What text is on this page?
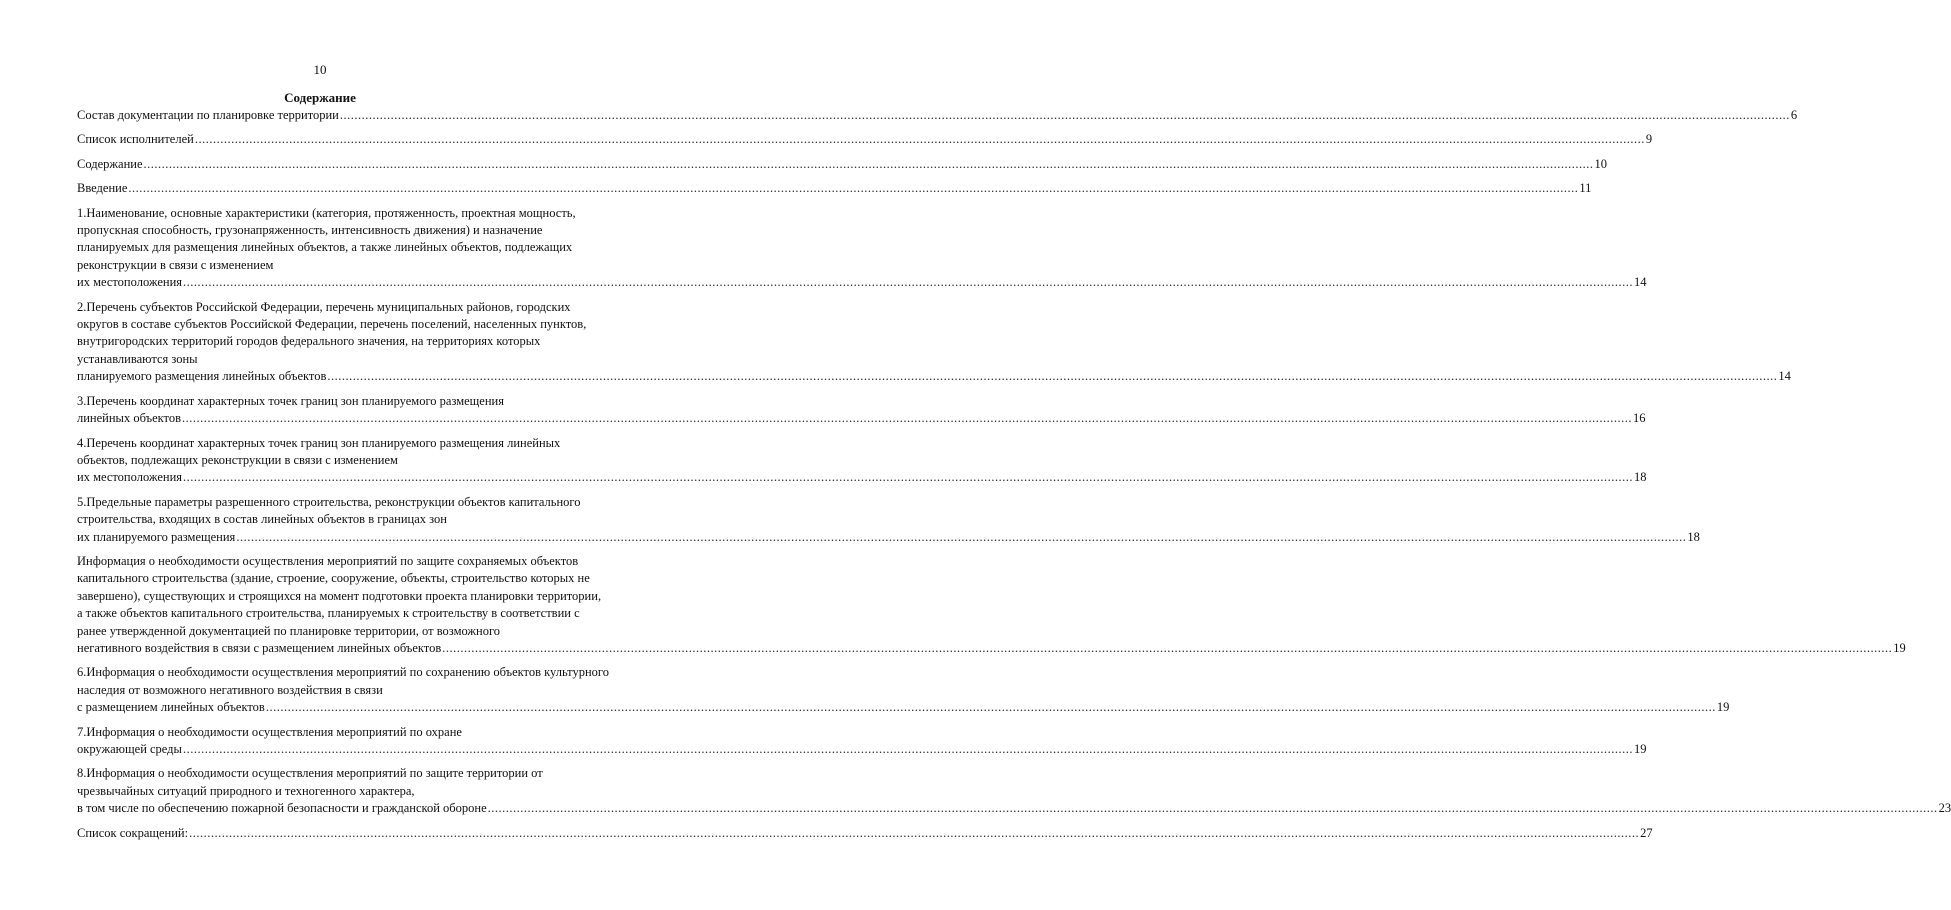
10
Содержание
Состав документации по планировке территории ................................................................................................................................................................................................................................................................................................................................................................................................................ 6
Список исполнителей ................................................................................................................................................................................................................................................................................................................................................................................................................ 9
Содержание ................................................................................................................................................................................................................................................................................................................................................................................................................ 10
Введение ................................................................................................................................................................................................................................................................................................................................................................................................................ 11
1.Наименование, основные характеристики (категория, протяженность, проектная мощность, пропускная способность, грузонапряженность, интенсивность движения) и назначение планируемых для размещения линейных объектов, а также линейных объектов, подлежащих реконструкции в связи с изменением
их местоположения ................................................................................................................................................................................................................................................................................................................................................................................................................ 14
2.Перечень субъектов Российской Федерации, перечень муниципальных районов, городских округов в составе субъектов Российской Федерации, перечень поселений, населенных пунктов, внутригородских территорий городов федерального значения, на территориях которых устанавливаются зоны
планируемого размещения линейных объектов ................................................................................................................................................................................................................................................................................................................................................................................................................ 14
3.Перечень координат характерных точек границ зон планируемого размещения
линейных объектов ................................................................................................................................................................................................................................................................................................................................................................................................................ 16
4.Перечень координат характерных точек границ зон планируемого размещения линейных объектов, подлежащих реконструкции в связи с изменением
их местоположения ................................................................................................................................................................................................................................................................................................................................................................................................................ 18
5.Предельные параметры разрешенного строительства, реконструкции объектов капитального строительства, входящих в состав линейных объектов в границах зон
их планируемого размещения ................................................................................................................................................................................................................................................................................................................................................................................................................ 18
Информация о необходимости осуществления мероприятий по защите сохраняемых объектов капитального строительства (здание, строение, сооружение, объекты, строительство которых не завершено), существующих и строящихся на момент подготовки проекта планировки территории, а также объектов капитального строительства, планируемых к строительству в соответствии с ранее утвержденной документацией по планировке территории, от возможного
негативного воздействия в связи с размещением линейных объектов ................................................................................................................................................................................................................................................................................................................................................................................................................ 19
6.Информация о необходимости осуществления мероприятий по сохранению объектов культурного наследия от возможного негативного воздействия в связи
с размещением линейных объектов ................................................................................................................................................................................................................................................................................................................................................................................................................ 19
7.Информация о необходимости осуществления мероприятий по охране
окружающей среды ................................................................................................................................................................................................................................................................................................................................................................................................................ 19
8.Информация о необходимости осуществления мероприятий по защите территории от чрезвычайных ситуаций природного и техногенного характера,
в том числе по обеспечению пожарной безопасности и гражданской обороне ................................................................................................................................................................................................................................................................................................................................................................................................................ 23
Список сокращений: ................................................................................................................................................................................................................................................................................................................................................................................................................ 27
